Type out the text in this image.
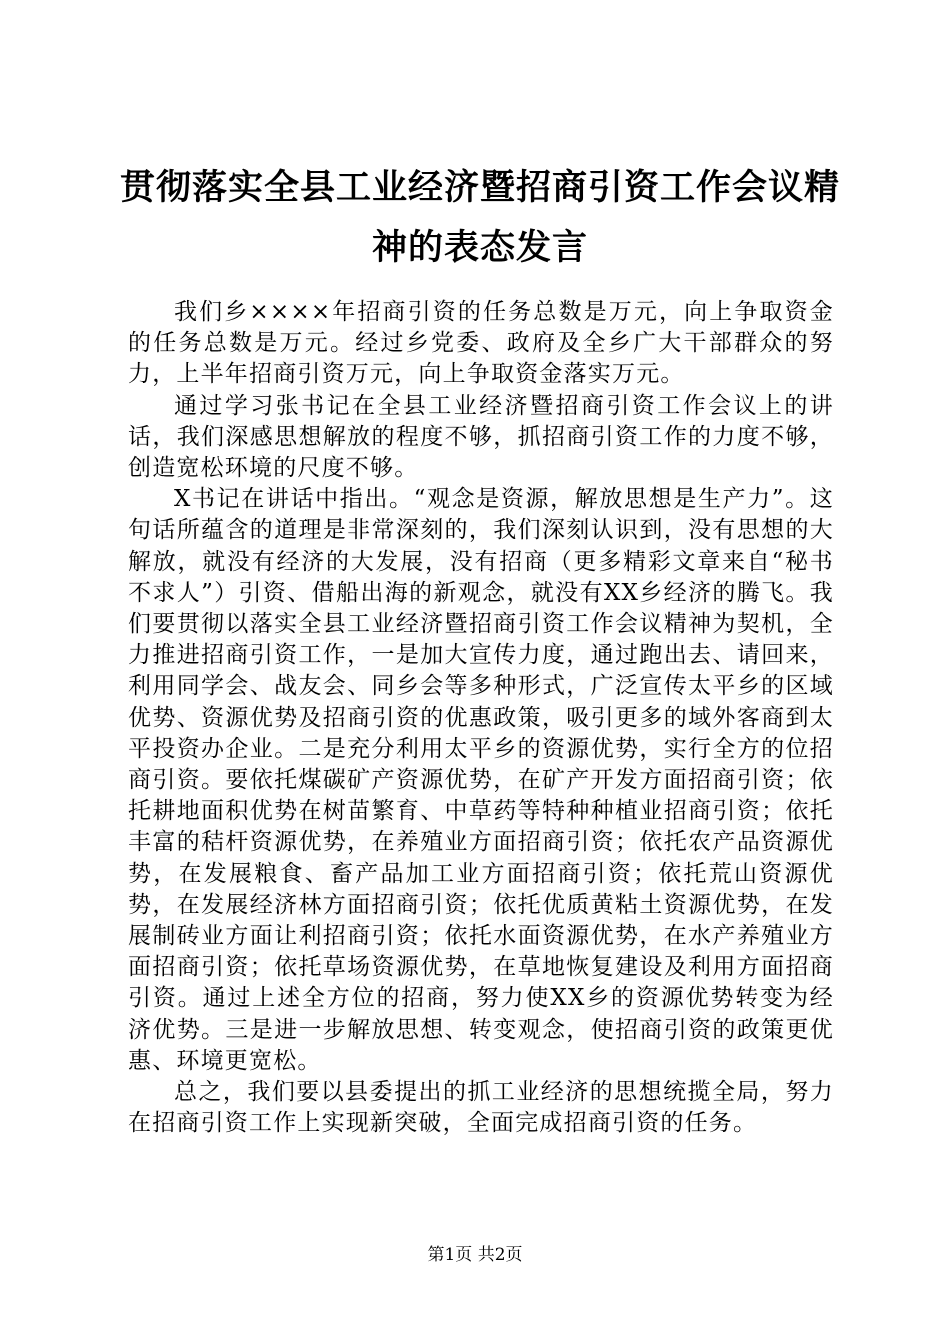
贯彻落实全县工业经济暨招商引资工作会议精神的表态发言

我们乡××××年招商引资的任务总数是万元，向上争取资金的任务总数是万元。经过乡党委、政府及全乡广大干部群众的努力，上半年招商引资万元，向上争取资金落实万元。

通过学习张书记在全县工业经济暨招商引资工作会议上的讲话，我们深感思想解放的程度不够，抓招商引资工作的力度不够，创造宽松环境的尺度不够。

X书记在讲话中指出。“观念是资源，解放思想是生产力”。这句话所蕴含的道理是非常深刻的，我们深刻认识到，没有思想的大解放，就没有经济的大发展，没有招商（更多精彩文章来自“秘书不求人”）引资、借船出海的新观念，就没有XX乡经济的腾飞。我们要贯彻以落实全县工业经济暨招商引资工作会议精神为契机，全力推进招商引资工作，一是加大宣传力度，通过跑出去、请回来，利用同学会、战友会、同乡会等多种形式，广泛宣传太平乡的区域优势、资源优势及招商引资的优惠政策，吸引更多的域外客商到太平投资办企业。二是充分利用太平乡的资源优势，实行全方的位招商引资。要依托煤碳矿产资源优势，在矿产开发方面招商引资；依托耕地面积优势在树苗繁育、中草药等特种种植业招商引资；依托丰富的秸杆资源优势，在养殖业方面招商引资；依托农产品资源优势，在发展粮食、畜产品加工业方面招商引资；依托荒山资源优势，在发展经济林方面招商引资；依托优质黄粘土资源优势，在发展制砖业方面让利招商引资；依托水面资源优势，在水产养殖业方面招商引资；依托草场资源优势，在草地恢复建设及利用方面招商引资。通过上述全方位的招商，努力使XX乡的资源优势转变为经济优势。三是进一步解放思想、转变观念，使招商引资的政策更优惠、环境更宽松。

总之，我们要以县委提出的抓工业经济的思想统揽全局，努力在招商引资工作上实现新突破，全面完成招商引资的任务。

第1页 共2页
